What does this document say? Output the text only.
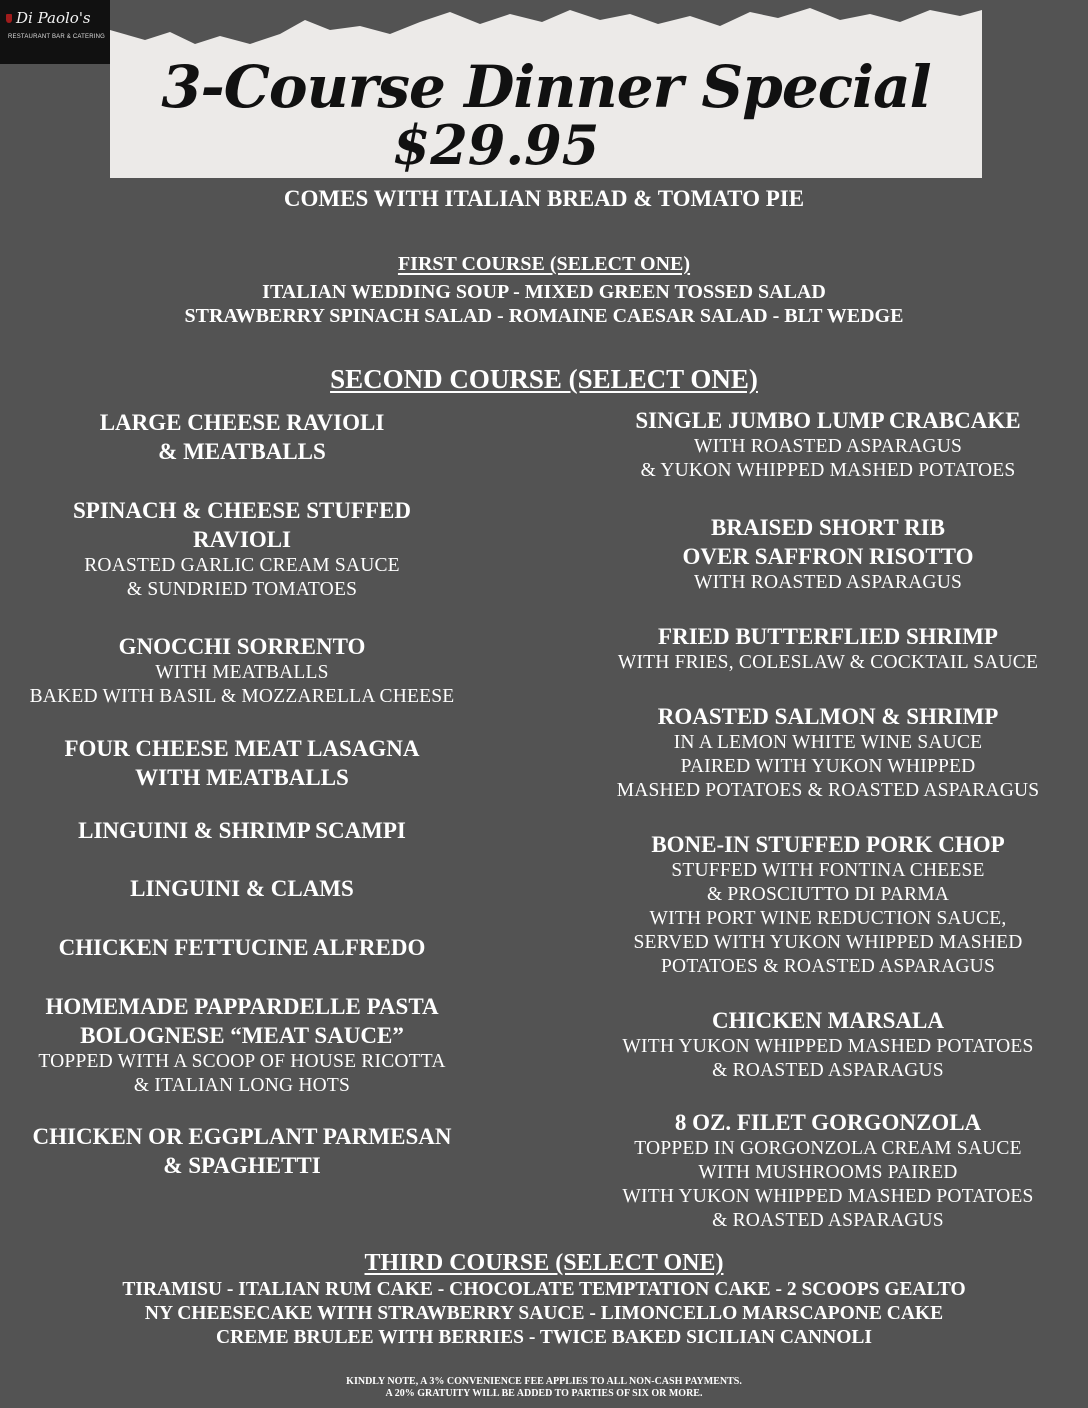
Di Paolo's
RESTAURANT BAR & CATERING
3-Course Dinner Special
$29.95
COMES WITH ITALIAN BREAD & TOMATO PIE
FIRST COURSE (SELECT ONE)
ITALIAN WEDDING SOUP - MIXED GREEN TOSSED SALAD
STRAWBERRY SPINACH SALAD - ROMAINE CAESAR SALAD - BLT WEDGE
SECOND COURSE (SELECT ONE)
LARGE CHEESE RAVIOLI
& MEATBALLS
SPINACH & CHEESE STUFFED
RAVIOLI
ROASTED GARLIC CREAM SAUCE
& SUNDRIED TOMATOES
GNOCCHI SORRENTO
WITH MEATBALLS
BAKED WITH BASIL & MOZZARELLA CHEESE
FOUR CHEESE MEAT LASAGNA
WITH MEATBALLS
LINGUINI & SHRIMP SCAMPI
LINGUINI & CLAMS
CHICKEN FETTUCINE ALFREDO
HOMEMADE PAPPARDELLE PASTA
BOLOGNESE “MEAT SAUCE”
TOPPED WITH A SCOOP OF HOUSE RICOTTA
& ITALIAN LONG HOTS
CHICKEN OR EGGPLANT PARMESAN
& SPAGHETTI
SINGLE JUMBO LUMP CRABCAKE
WITH ROASTED ASPARAGUS
& YUKON WHIPPED MASHED POTATOES
BRAISED SHORT RIB
OVER SAFFRON RISOTTO
WITH ROASTED ASPARAGUS
FRIED BUTTERFLIED SHRIMP
WITH FRIES, COLESLAW & COCKTAIL SAUCE
ROASTED SALMON & SHRIMP
IN A LEMON WHITE WINE SAUCE
PAIRED WITH YUKON WHIPPED
MASHED POTATOES & ROASTED ASPARAGUS
BONE-IN STUFFED PORK CHOP
STUFFED WITH FONTINA CHEESE
& PROSCIUTTO DI PARMA
WITH PORT WINE REDUCTION SAUCE,
SERVED WITH YUKON WHIPPED MASHED
POTATOES & ROASTED ASPARAGUS
CHICKEN MARSALA
WITH YUKON WHIPPED MASHED POTATOES
& ROASTED ASPARAGUS
8 OZ. FILET GORGONZOLA
TOPPED IN GORGONZOLA CREAM SAUCE
WITH MUSHROOMS PAIRED
WITH YUKON WHIPPED MASHED POTATOES
& ROASTED ASPARAGUS
THIRD COURSE (SELECT ONE)
TIRAMISU - ITALIAN RUM CAKE - CHOCOLATE TEMPTATION CAKE - 2 SCOOPS GEALTO
NY CHEESECAKE WITH STRAWBERRY SAUCE - LIMONCELLO MARSCAPONE CAKE
CREME BRULEE WITH BERRIES - TWICE BAKED SICILIAN CANNOLI
KINDLY NOTE, A 3% CONVENIENCE FEE APPLIES TO ALL NON-CASH PAYMENTS.
A 20% GRATUITY WILL BE ADDED TO PARTIES OF SIX OR MORE.
